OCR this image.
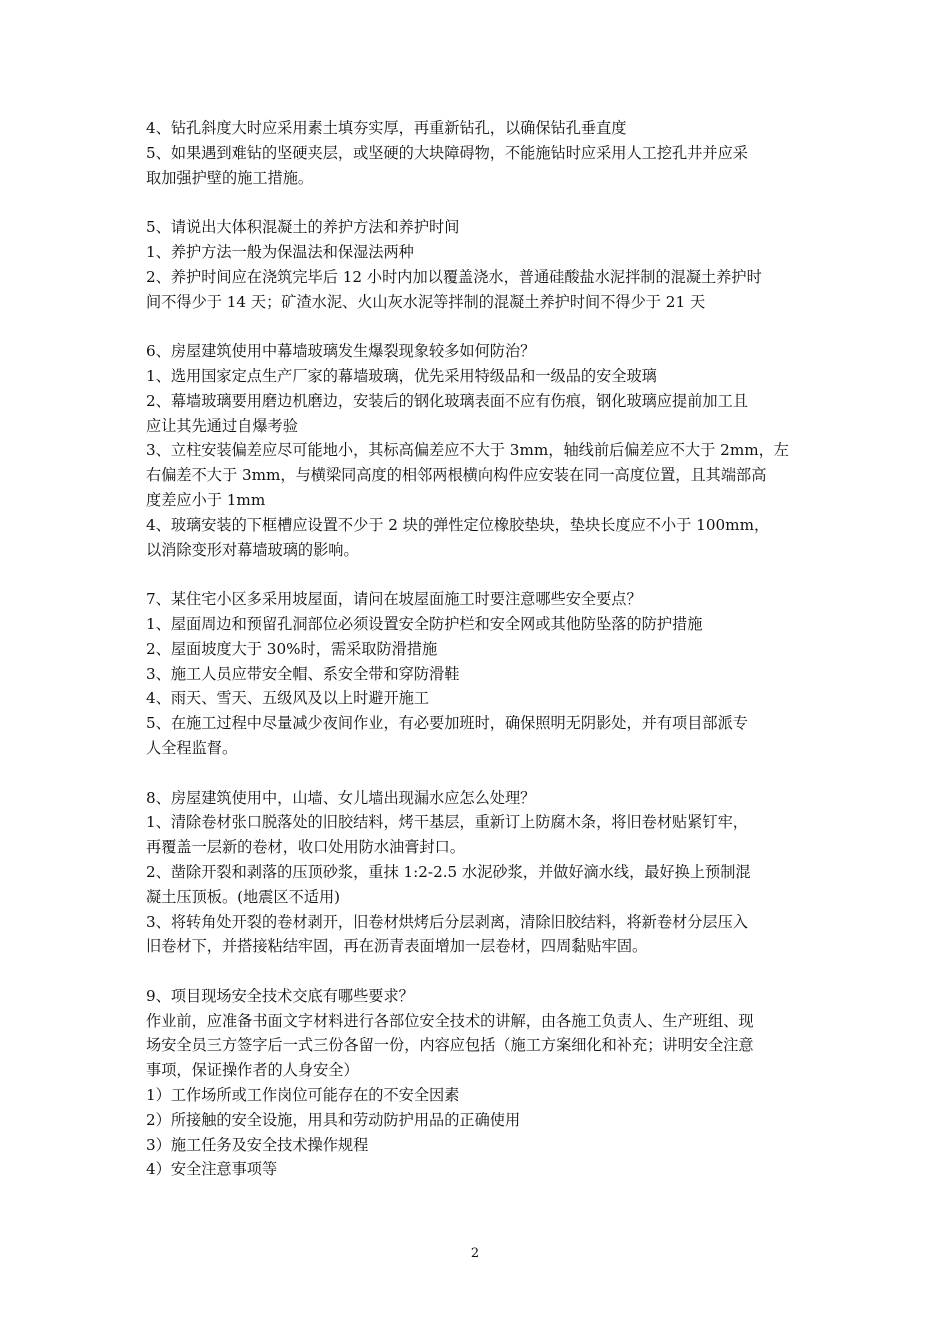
4、钻孔斜度大时应采用素土填夯实厚，再重新钻孔，以确保钻孔垂直度

5、如果遇到难钻的坚硬夹层，或坚硬的大块障碍物，不能施钻时应采用人工挖孔井并应采

取加强护壁的施工措施。

5、请说出大体积混凝土的养护方法和养护时间

1、养护方法一般为保温法和保湿法两种

2、养护时间应在浇筑完毕后 12 小时内加以覆盖浇水，普通硅酸盐水泥拌制的混凝土养护时

间不得少于 14 天；矿渣水泥、火山灰水泥等拌制的混凝土养护时间不得少于 21 天

6、房屋建筑使用中幕墙玻璃发生爆裂现象较多如何防治？

1、选用国家定点生产厂家的幕墙玻璃，优先采用特级品和一级品的安全玻璃

2、幕墙玻璃要用磨边机磨边，安装后的钢化玻璃表面不应有伤痕，钢化玻璃应提前加工且

应让其先通过自爆考验

3、立柱安装偏差应尽可能地小，其标高偏差应不大于 3mm，轴线前后偏差应不大于 2mm，左

右偏差不大于 3mm，与横梁同高度的相邻两根横向构件应安装在同一高度位置，且其端部高

度差应小于 1mm

4、玻璃安装的下框槽应设置不少于 2 块的弹性定位橡胶垫块，垫块长度应不小于 100mm，

以消除变形对幕墙玻璃的影响。

7、某住宅小区多采用坡屋面，请问在坡屋面施工时要注意哪些安全要点？

1、屋面周边和预留孔洞部位必须设置安全防护栏和安全网或其他防坠落的防护措施

2、屋面坡度大于 30%时，需采取防滑措施

3、施工人员应带安全帽、系安全带和穿防滑鞋

4、雨天、雪天、五级风及以上时避开施工

5、在施工过程中尽量减少夜间作业，有必要加班时，确保照明无阴影处，并有项目部派专

人全程监督。

8、房屋建筑使用中，山墙、女儿墙出现漏水应怎么处理？

1、清除卷材张口脱落处的旧胶结料，烤干基层，重新订上防腐木条，将旧卷材贴紧钉牢，

再覆盖一层新的卷材，收口处用防水油膏封口。

2、凿除开裂和剥落的压顶砂浆，重抹 1:2-2.5 水泥砂浆，并做好滴水线，最好换上预制混

凝土压顶板。(地震区不适用)

3、将转角处开裂的卷材剥开，旧卷材烘烤后分层剥离，清除旧胶结料，将新卷材分层压入

旧卷材下，并搭接粘结牢固，再在沥青表面增加一层卷材，四周黏贴牢固。

9、项目现场安全技术交底有哪些要求？

作业前，应准备书面文字材料进行各部位安全技术的讲解，由各施工负责人、生产班组、现

场安全员三方签字后一式三份各留一份，内容应包括（施工方案细化和补充；讲明安全注意

事项，保证操作者的人身安全）

1）工作场所或工作岗位可能存在的不安全因素

2）所接触的安全设施，用具和劳动防护用品的正确使用

3）施工任务及安全技术操作规程

4）安全注意事项等

2
